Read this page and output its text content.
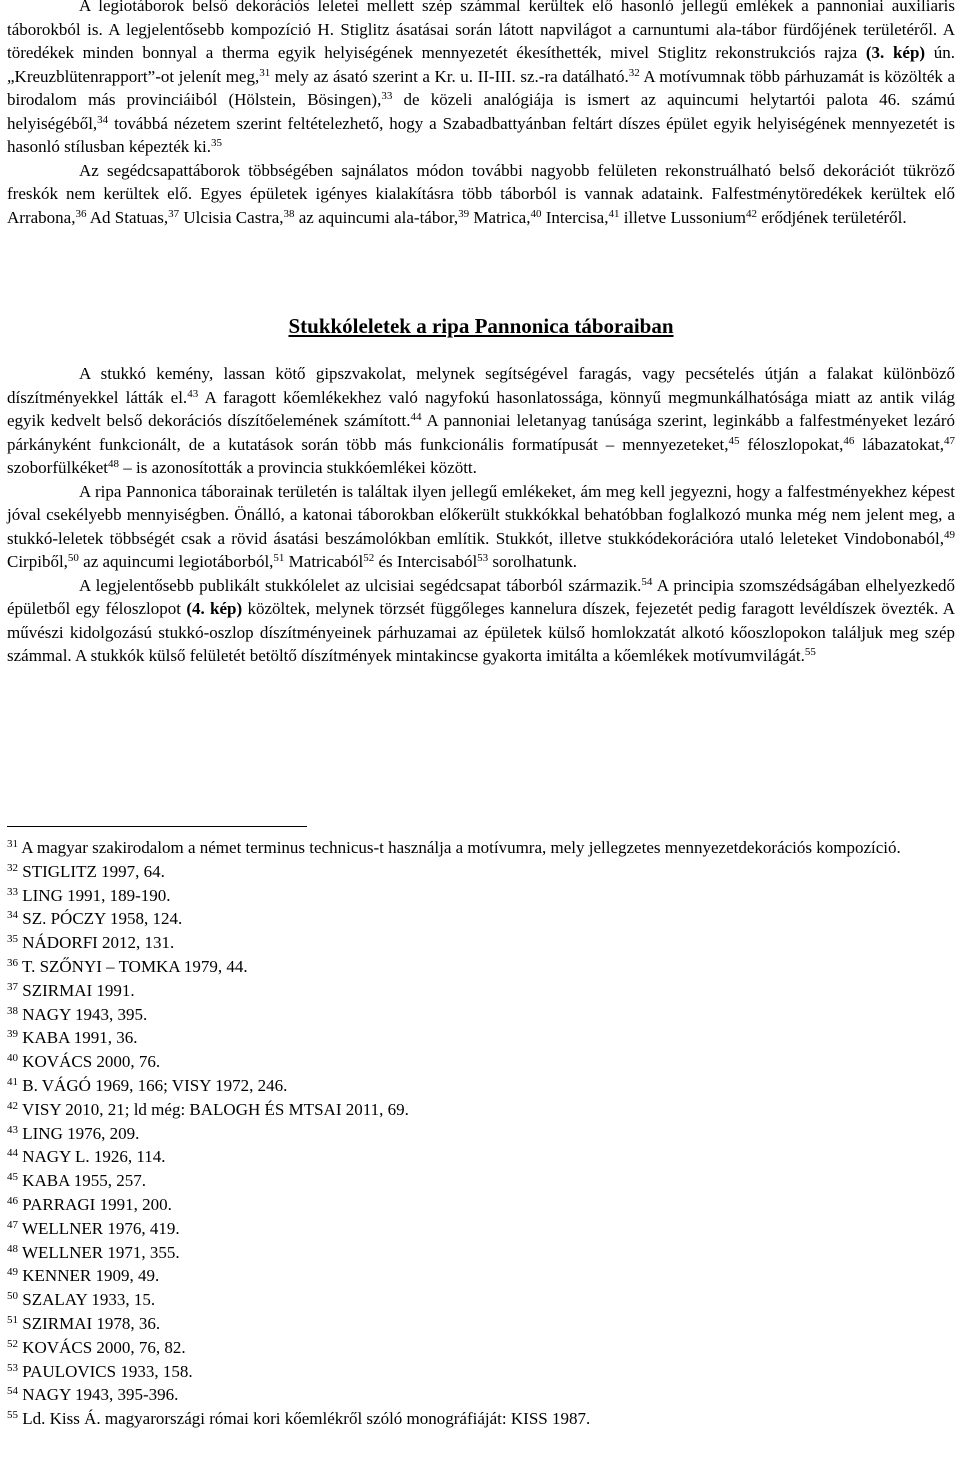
A legiotáborok belső dekorációs leletei mellett szép számmal kerültek elő hasonló jellegű emlékek a pannoniai auxiliaris táborokból is. A legjelentősebb kompozíció H. Stiglitz ásatásai során látott napvilágot a carnuntumi ala-tábor fürdőjének területéről. A töredékek minden bonnyal a therma egyik helyiségének mennyezetét ékesíthették, mivel Stiglitz rekonstrukciós rajza (3. kép) ún. „Kreuzblütenrapport”-ot jelenít meg,$^{31}$ mely az ásató szerint a Kr. u. II-III. sz.-ra datálható.$^{32}$ A motívumnak több párhuzamát is közölték a birodalom más provinciáiból (Hölstein, Bösingen),$^{33}$ de közeli analógiája is ismert az aquincumi helytartói palota 46. számú helyiségéből,$^{34}$ továbbá nézetem szerint feltételezhető, hogy a Szabadbattyánban feltárt díszes épület egyik helyiségének mennyezetét is hasonló stílusban képezték ki.$^{35}$

Az segédcsapattáborok többségében sajnálatos módon további nagyobb felületen rekonstruálható belső dekorációt tükröző freskók nem kerültek elő. Egyes épületek igényes kialakításra több táborból is vannak adataink. Falfestménytöredékek kerültek elő Arrabona,$^{36}$ Ad Statuas,$^{37}$ Ulcisia Castra,$^{38}$ az aquincumi ala-tábor,$^{39}$ Matrica,$^{40}$ Intercisa,$^{41}$ illetve Lussonium$^{42}$ erődjének területéről.

Stukkóleletek a ripa Pannonica táboraiban

A stukkó kemény, lassan kötő gipszvakolat, melynek segítségével faragás, vagy pecsételés útján a falakat különböző díszítményekkel látták el.$^{43}$ A faragott kőemlékekhez való nagyfokú hasonlatossága, könnyű megmunkálhatósága miatt az antik világ egyik kedvelt belső dekorációs díszítőelemének számított.$^{44}$ A pannoniai leletanyag tanúsága szerint, leginkább a falfestményeket lezáró párkányként funkcionált, de a kutatások során több más funkcionális formatípusát – mennyezeteket,$^{45}$ féloszlopokat,$^{46}$ lábazatokat,$^{47}$ szoborfülkéket$^{48}$ – is azonosították a provincia stukkóemlékei között.

A ripa Pannonica táborainak területén is találtak ilyen jellegű emlékeket, ám meg kell jegyezni, hogy a falfestményekhez képest jóval csekélyebb mennyiségben. Önálló, a katonai táborokban előkerült stukkókkal behatóbban foglalkozó munka még nem jelent meg, a stukkó-leletek többségét csak a rövid ásatási beszámolókban említik. Stukkót, illetve stukkódekorációra utaló leleteket Vindobonaból,$^{49}$ Cirpiből,$^{50}$ az aquincumi legiotáborból,$^{51}$ Matricaból$^{52}$ és Intercisaból$^{53}$ sorolhatunk.

A legjelentősebb publikált stukkólelet az ulcisiai segédcsapat táborból származik.$^{54}$ A principia szomszédságában elhelyezkedő épületből egy féloszlopot (4. kép) közöltek, melynek törzsét függőleges kannelura díszek, fejezetét pedig faragott levéldíszek övezték. A művészi kidolgozású stukkó-oszlop díszítményeinek párhuzamai az épületek külső homlokzatát alkotó kőoszlopokon találjuk meg szép számmal. A stukkók külső felületét betöltő díszítmények mintakincse gyakorta imitálta a kőemlékek motívumvilágát.$^{55}$

$^{31}$ A magyar szakirodalom a német terminus technicus-t használja a motívumra, mely jellegzetes mennyezetdekorációs kompozíció.

$^{32}$ STIGLITZ 1997, 64.

$^{33}$ LING 1991, 189-190.

$^{34}$ SZ. PÓCZY 1958, 124.

$^{35}$ NÁDORFI 2012, 131.

$^{36}$ T. SZŐNYI – TOMKA 1979, 44.

$^{37}$ SZIRMAI 1991.

$^{38}$ NAGY 1943, 395.

$^{39}$ KABA 1991, 36.

$^{40}$ KOVÁCS 2000, 76.

$^{41}$ B. VÁGÓ 1969, 166; VISY 1972, 246.

$^{42}$ VISY 2010, 21; ld még: BALOGH ÉS MTSAI 2011, 69.

$^{43}$ LING 1976, 209.

$^{44}$ NAGY L. 1926, 114.

$^{45}$ KABA 1955, 257.

$^{46}$ PARRAGI 1991, 200.

$^{47}$ WELLNER 1976, 419.

$^{48}$ WELLNER 1971, 355.

$^{49}$ KENNER 1909, 49.

$^{50}$ SZALAY 1933, 15.

$^{51}$ SZIRMAI 1978, 36.

$^{52}$ KOVÁCS 2000, 76, 82.

$^{53}$ PAULOVICS 1933, 158.

$^{54}$ NAGY 1943, 395-396.

$^{55}$ Ld. Kiss Á. magyarországi római kori kőemlékről szóló monográfiáját: KISS 1987.
